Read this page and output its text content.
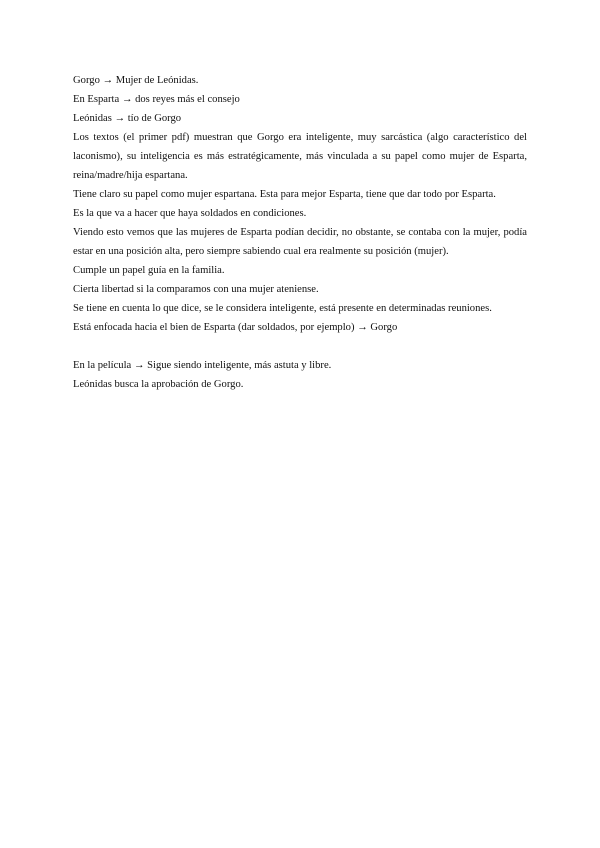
Gorgo → Mujer de Leónidas.

En Esparta → dos reyes más el consejo

Leónidas → tío de Gorgo

Los textos (el primer pdf) muestran que Gorgo era inteligente, muy sarcástica (algo característico del laconismo), su inteligencia es más estratégicamente, más vinculada a su papel como mujer de Esparta, reina/madre/hija espartana.

Tiene claro su papel como mujer espartana. Esta para mejor Esparta, tiene que dar todo por Esparta.

Es la que va a hacer que haya soldados en condiciones.

Viendo esto vemos que las mujeres de Esparta podían decidir, no obstante, se contaba con la mujer, podía estar en una posición alta, pero siempre sabiendo cual era realmente su posición (mujer).

Cumple un papel guía en la familia.

Cierta libertad si la comparamos con una mujer ateniense.

Se tiene en cuenta lo que dice, se le considera inteligente, está presente en determinadas reuniones.

Está enfocada hacia el bien de Esparta (dar soldados, por ejemplo) → Gorgo

En la película → Sigue siendo inteligente, más astuta y libre.

Leónidas busca la aprobación de Gorgo.
